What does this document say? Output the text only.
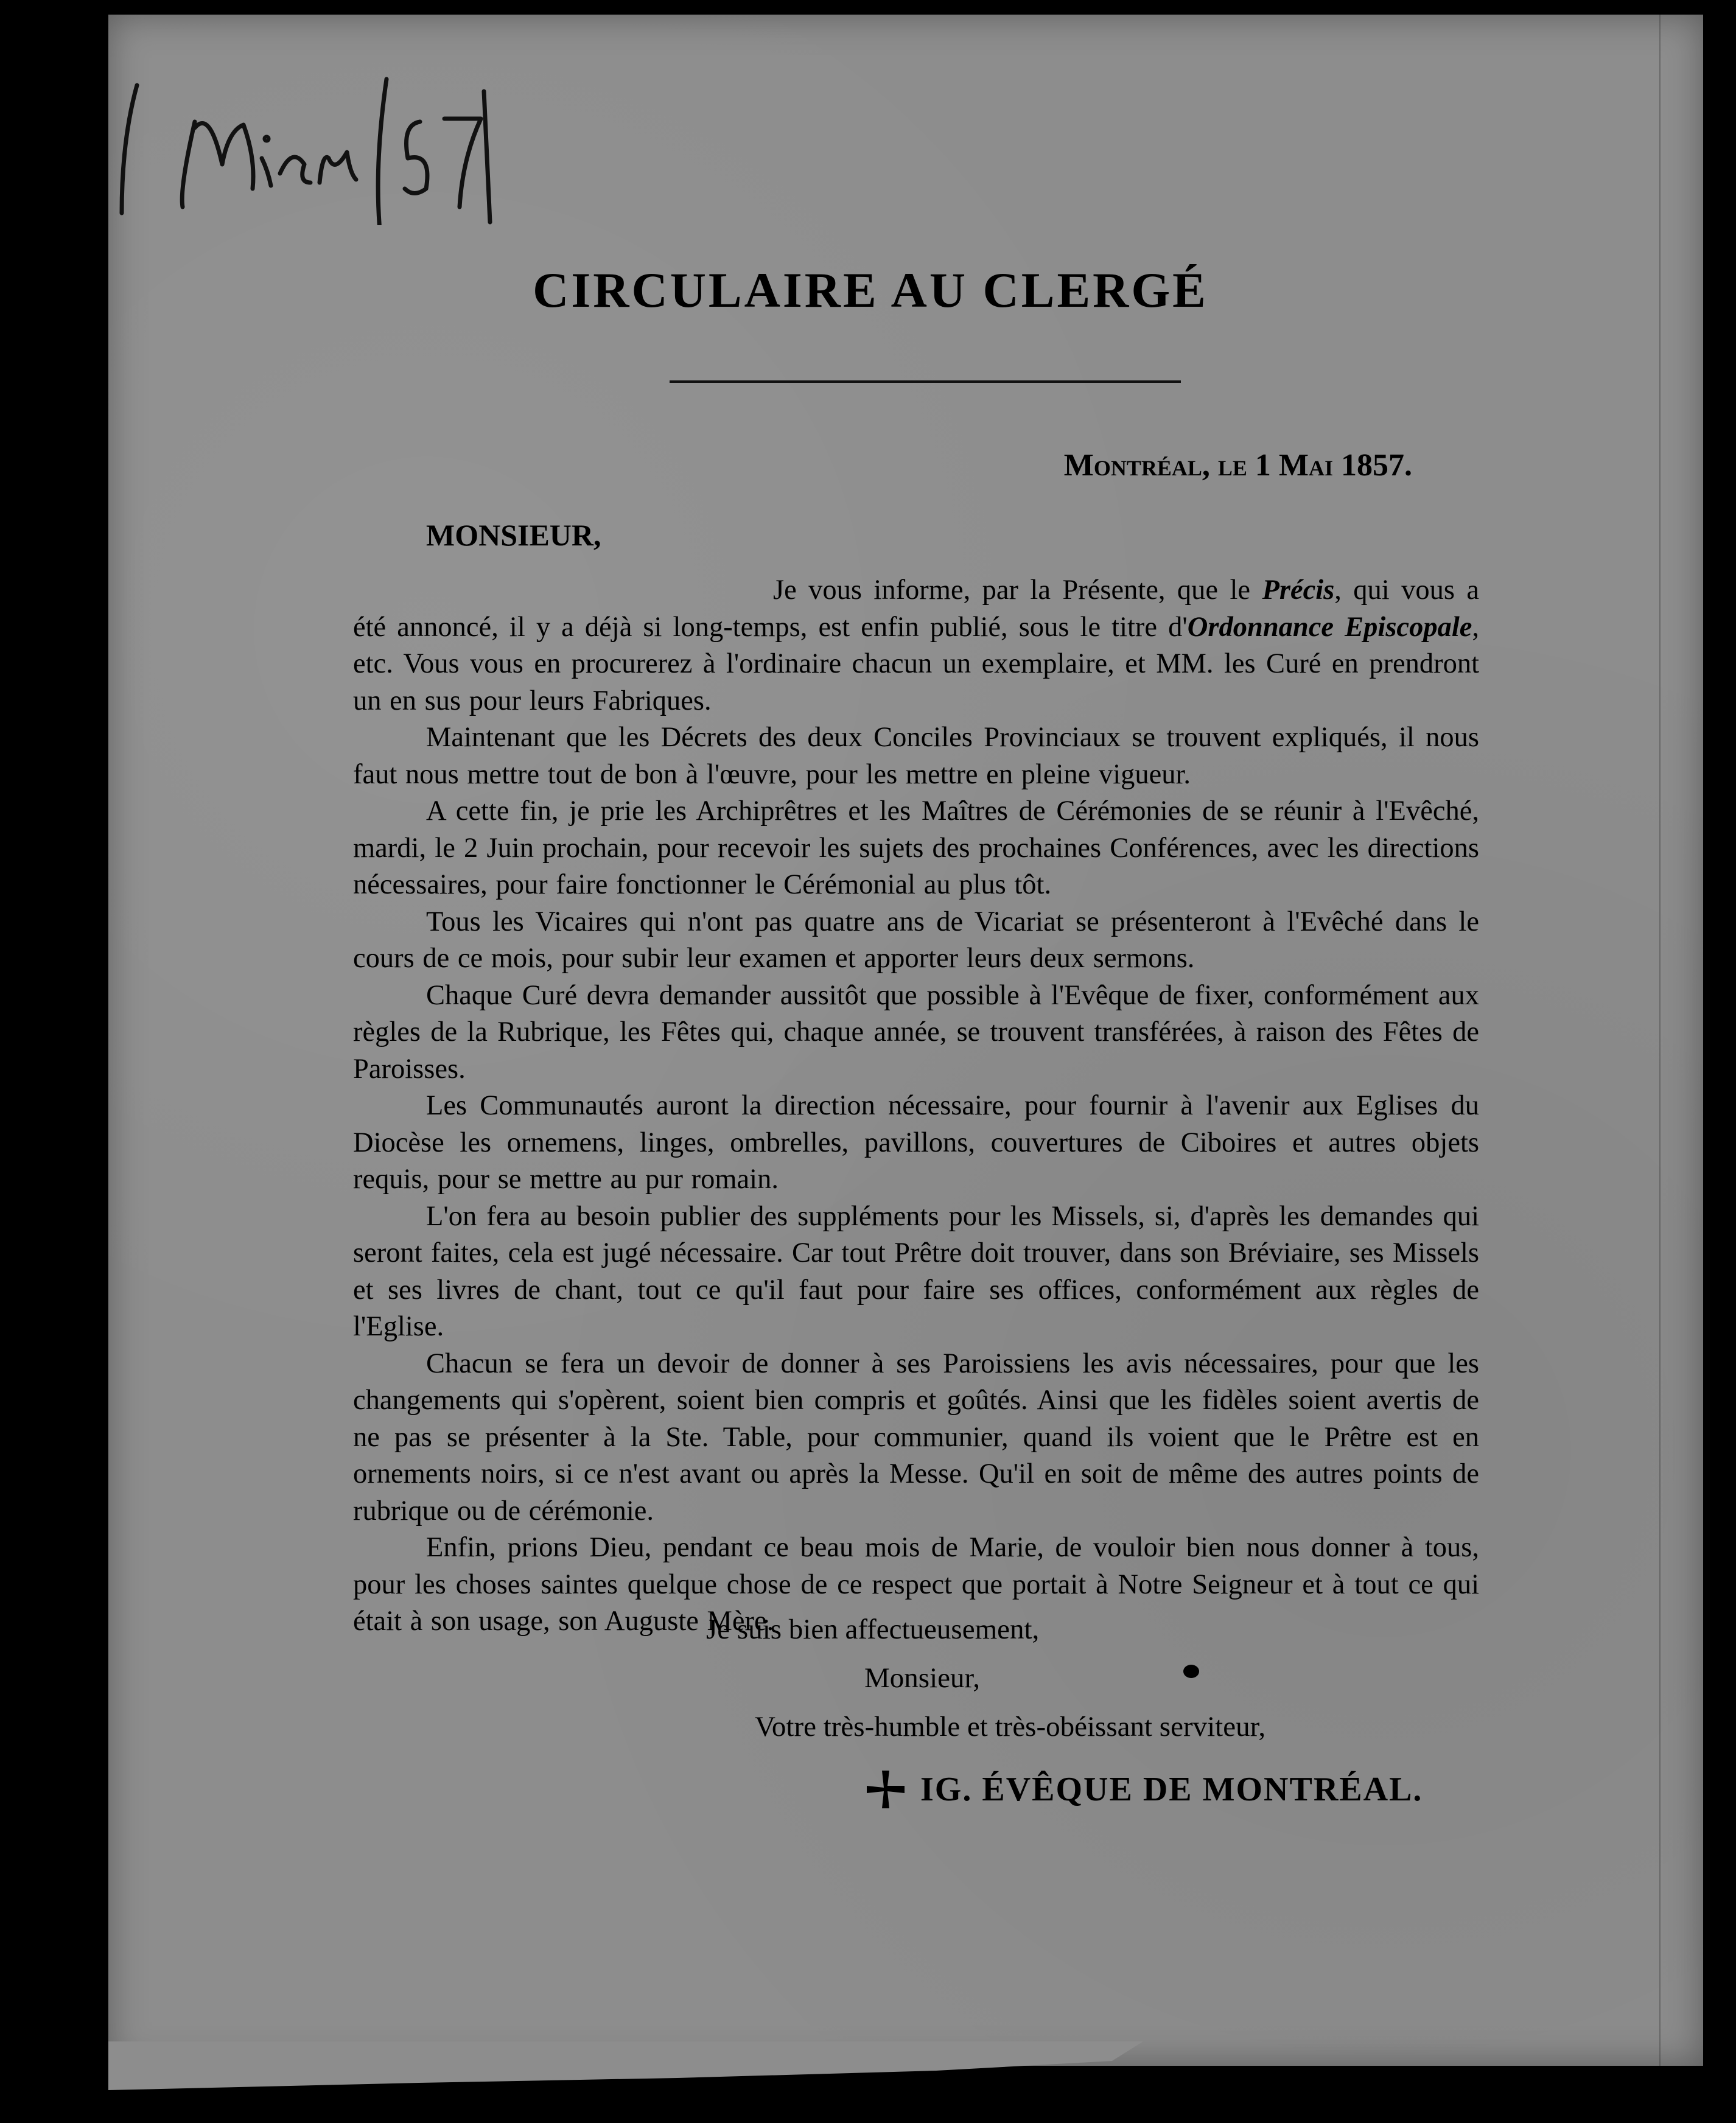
CIRCULAIRE AU CLERGÉ
Montréal, le 1 Mai 1857.
MONSIEUR,

Je vous informe, par la Présente, que le Précis, qui vous a été annoncé, il y a déjà si long-temps, est enfin publié, sous le titre d'Ordonnance Episcopale, etc. Vous vous en procurerez à l'ordinaire chacun un exemplaire, et MM. les Curé en prendront un en sus pour leurs Fabriques.

Maintenant que les Décrets des deux Conciles Provinciaux se trouvent expliqués, il nous faut nous mettre tout de bon à l'œuvre, pour les mettre en pleine vigueur.

A cette fin, je prie les Archiprêtres et les Maîtres de Cérémonies de se réunir à l'Evêché, mardi, le 2 Juin prochain, pour recevoir les sujets des prochaines Conférences, avec les directions nécessaires, pour faire fonctionner le Cérémonial au plus tôt.

Tous les Vicaires qui n'ont pas quatre ans de Vicariat se présenteront à l'Evêché dans le cours de ce mois, pour subir leur examen et apporter leurs deux sermons.

Chaque Curé devra demander aussitôt que possible à l'Evêque de fixer, conformément aux règles de la Rubrique, les Fêtes qui, chaque année, se trouvent transférées, à raison des Fêtes de Paroisses.

Les Communautés auront la direction nécessaire, pour fournir à l'avenir aux Eglises du Diocèse les ornemens, linges, ombrelles, pavillons, couvertures de Ciboires et autres objets requis, pour se mettre au pur romain.

L'on fera au besoin publier des suppléments pour les Missels, si, d'après les demandes qui seront faites, cela est jugé nécessaire. Car tout Prêtre doit trouver, dans son Bréviaire, ses Missels et ses livres de chant, tout ce qu'il faut pour faire ses offices, conformément aux règles de l'Eglise.

Chacun se fera un devoir de donner à ses Paroissiens les avis nécessaires, pour que les changements qui s'opèrent, soient bien compris et goûtés. Ainsi que les fidèles soient avertis de ne pas se présenter à la Ste. Table, pour communier, quand ils voient que le Prêtre est en ornements noirs, si ce n'est avant ou après la Messe. Qu'il en soit de même des autres points de rubrique ou de cérémonie.

Enfin, prions Dieu, pendant ce beau mois de Marie, de vouloir bien nous donner à tous, pour les choses saintes quelque chose de ce respect que portait à Notre Seigneur et à tout ce qui était à son usage, son Auguste Mère.

Je suis bien affectueusement,
Monsieur,
Votre très-humble et très-obéissant serviteur,
IG. ÉVÊQUE DE MONTRÉAL.
